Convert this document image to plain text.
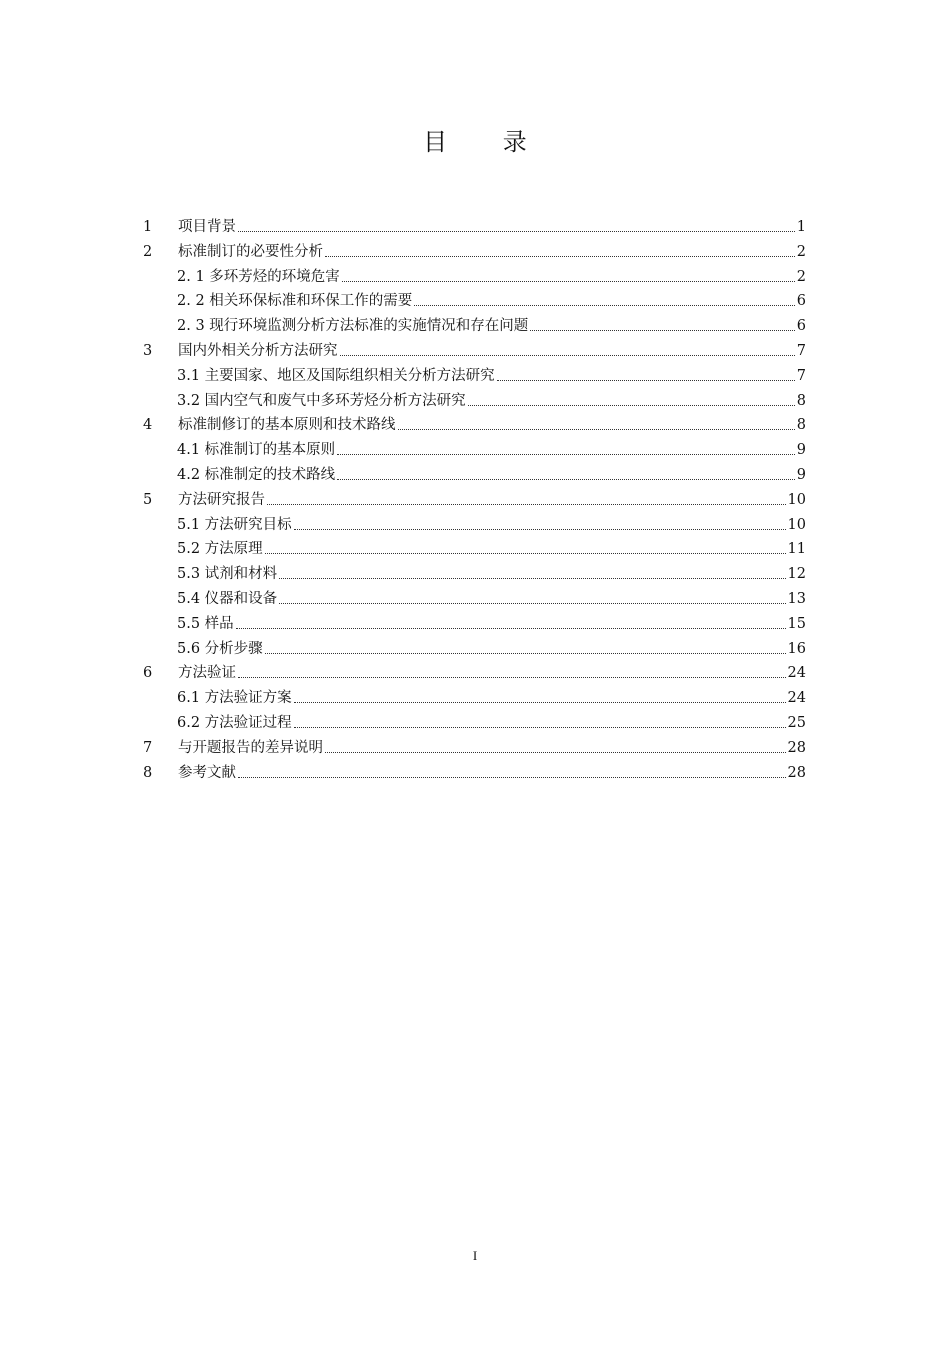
目 录
1	项目背景	1
2	标准制订的必要性分析	2
2. 1 多环芳烃的环境危害	2
2. 2 相关环保标准和环保工作的需要	6
2. 3 现行环境监测分析方法标准的实施情况和存在问题	6
3	国内外相关分析方法研究	7
3.1 主要国家、地区及国际组织相关分析方法研究	7
3.2 国内空气和废气中多环芳烃分析方法研究	8
4	标准制修订的基本原则和技术路线	8
4.1 标准制订的基本原则	9
4.2 标准制定的技术路线	9
5	方法研究报告	10
5.1 方法研究目标	10
5.2 方法原理	11
5.3 试剂和材料	12
5.4 仪器和设备	13
5.5 样品	15
5.6 分析步骤	16
6	方法验证	24
6.1 方法验证方案	24
6.2 方法验证过程	25
7	与开题报告的差异说明	28
8	参考文献	28
I
